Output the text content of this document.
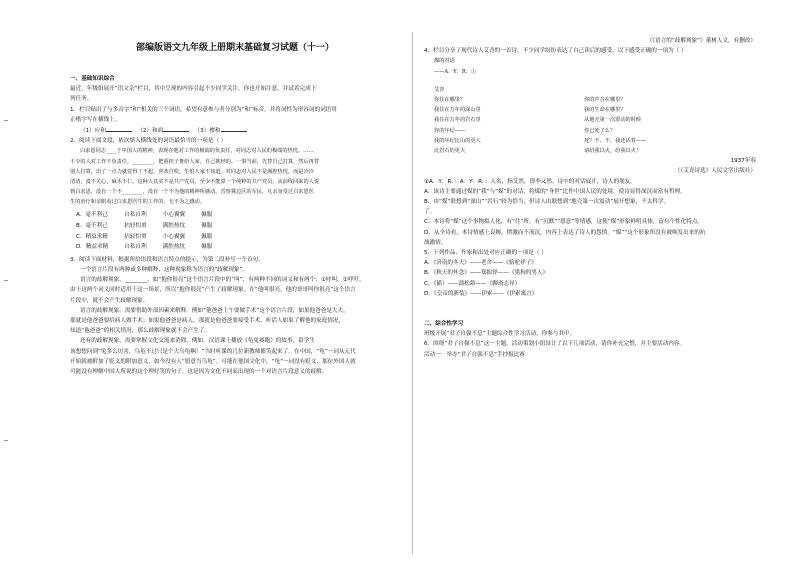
部编版语文九年级上册期末基础复习试题（十一）
一、基础知识综合
最近，年级组展开“语文杂”栏目，其中呈现的内容引起不少同学关注。你也开始注意，并试着完成下
列任务。
1．栏目贴出了与多音字“和”相关的三个词语，希望有意参与者分别为“和”标音，并将词性为形容词的词语用
正楷字写在横线上。
（1）应和	（2）和面	（3）掺和
2．阅读下面文段，依次填入横线处的词语最恰当的一项是（ ）
白求恩同志____于中国人的精神，表现在他对工作的极端的负责任，对同志对人民的极端的热忱。……
不少的人对工作不负责任，________，把重担子推给人家，自己挑轻的。一事当前，先替自己打算，然后再替
别人打算。出了一点力就觉得了不起，喜欢自吹，生怕人家不知道。对同志对人民不是满腔热忱，而是冷冷
清清，漠不关心，麻木不仁。这种人其实不是共产党员，至少不能算一个纯粹的共产党员。从前线回来的人说
到白求恩，没有一个不________，没有一个不为他的精神所感动。晋察冀边区的军民，凡亲身受过白求恩医
生的治疗和亲眼看过白求恩医生的工作的，无不为之感动。
A．毫不利己	自私自利	小心翼翼	佩服
B．毫不利己	拈轻怕重	满腔热忱	佩服
C．精益求精	拈轻怕重	小心翼翼	佩服
D．精益求精	自私自利	满腔热忱	佩服
3．阅读下面材料，根据所给语段和语言特点的提示，为第二段补写一个首句。
一个语言片段有两种或多种解释，这种现象称为语言的“歧解现象”。
语言的歧解现象，________。如“抱你很亮”这个语言片段中的“叫”，有两种不同的词义和有两个：①呼叫，②呼吁。
由于这两个词义同时适用于这一场景，所以“抱你很亮”产生了歧解现象。在“他叫很亮，他的哥哥叫你很亮”这个语言
片段中，就不会产生歧解现象。
语言的歧解现象，需要借助外部因素来解释。例如“他爸爸上午要做手术”这个语言片段，如果他爸爸是大夫，
那就是他爸爸要给病人做手术；如果他爸爸是病人，那就是他爸爸要接受手术。听话人如果了解他的家庭情况，
知道“他爸爸”的相关情况，那么歧解现象就不会产生了。
还有的歧解现象，需要掌握文化交流来消除。例如，汉语课上播放《龟兔赛跑》的故事，留学生
该想想问到“兔多么厉害，乌龟不过只是个大乌龟啊！”当时听课的几位新教师都笑起来了。在中国，“龟”一词从元代
开始就被附加了贬义的附加意义，如今没有人“愿意当乌龟”。可能在他国文化中，“龟”一词没有贬义，那位外国人就
可能没有理解中国人所说的这个理好笑的句子。这是因为文化不同而出现的一个对语言片段意义的歧解。
（《语言的“歧解现象”》董树人文，有删改）
4．栏目分享了现代诗人艾青的一首诗，不少同学纷纷表达了自己读后的感受。以下感受正确的一项为（ ）
煤的对话
——A．Y．R．①
艾青
你住在哪里？	你的声音在哪里？
我住在万年的深山里	我的生命在哪里？
我住在万年的岩石里	从地壳第一次震动的时候
你的年纪——	你已死了么？
我的年纪比山的更大	死？不，不，我还活着——
比岩石的更大	请给我以火，给我以火！
1937年春
（《艾青诗选》人民文学出版社）
①A．Y．R．：A．Y．R．：人名，指艾然，即李又然。诗中的对话展开，诗人的朋友。
A．该诗主要通过煤的“我”与“煤”的对话，将煤的“身世”比作中国人民的处境，使诗显得深沉而富有哲理。
B．由“煤”联想到“深山”“岩石”较为恰当，但诗人由联想到“地壳第一次震动”展开想象，不太科学。
了。
C．本诗将“煤”这个事物拟人化，有“住”所，有“沉默”“愿意”等情感，这使“煤”形象鲜明具体，富有个性化特点。
D．从全诗看，本诗情感上哀婉、愤激而不流沉，内容上表达了诗人的怨愤。“煤”“这个形象所没有被唤发出来的抗
战激情。
5．下列作品、作家和出处对应正确的一项是（ ）
A．《济南的冬天》——老舍——《骆驼祥子》
B．《秋天的怀念》——郑振铎——《猎狗的男人》
C．《猫》——蒲松龄——《聊斋志异》
D．《皇帝的新装》——伊索——《伊索寓言》
二、综合性学习
班级开展“君子自强不息”主题综合性学习活动，你参与其中。
6．围绕“君子自强不息”这一主题，活动策划小组设计了以下几项活动，请你补充完整，并主要活动内容。
活动一：举办“君子自强不息”手抄报比赛
